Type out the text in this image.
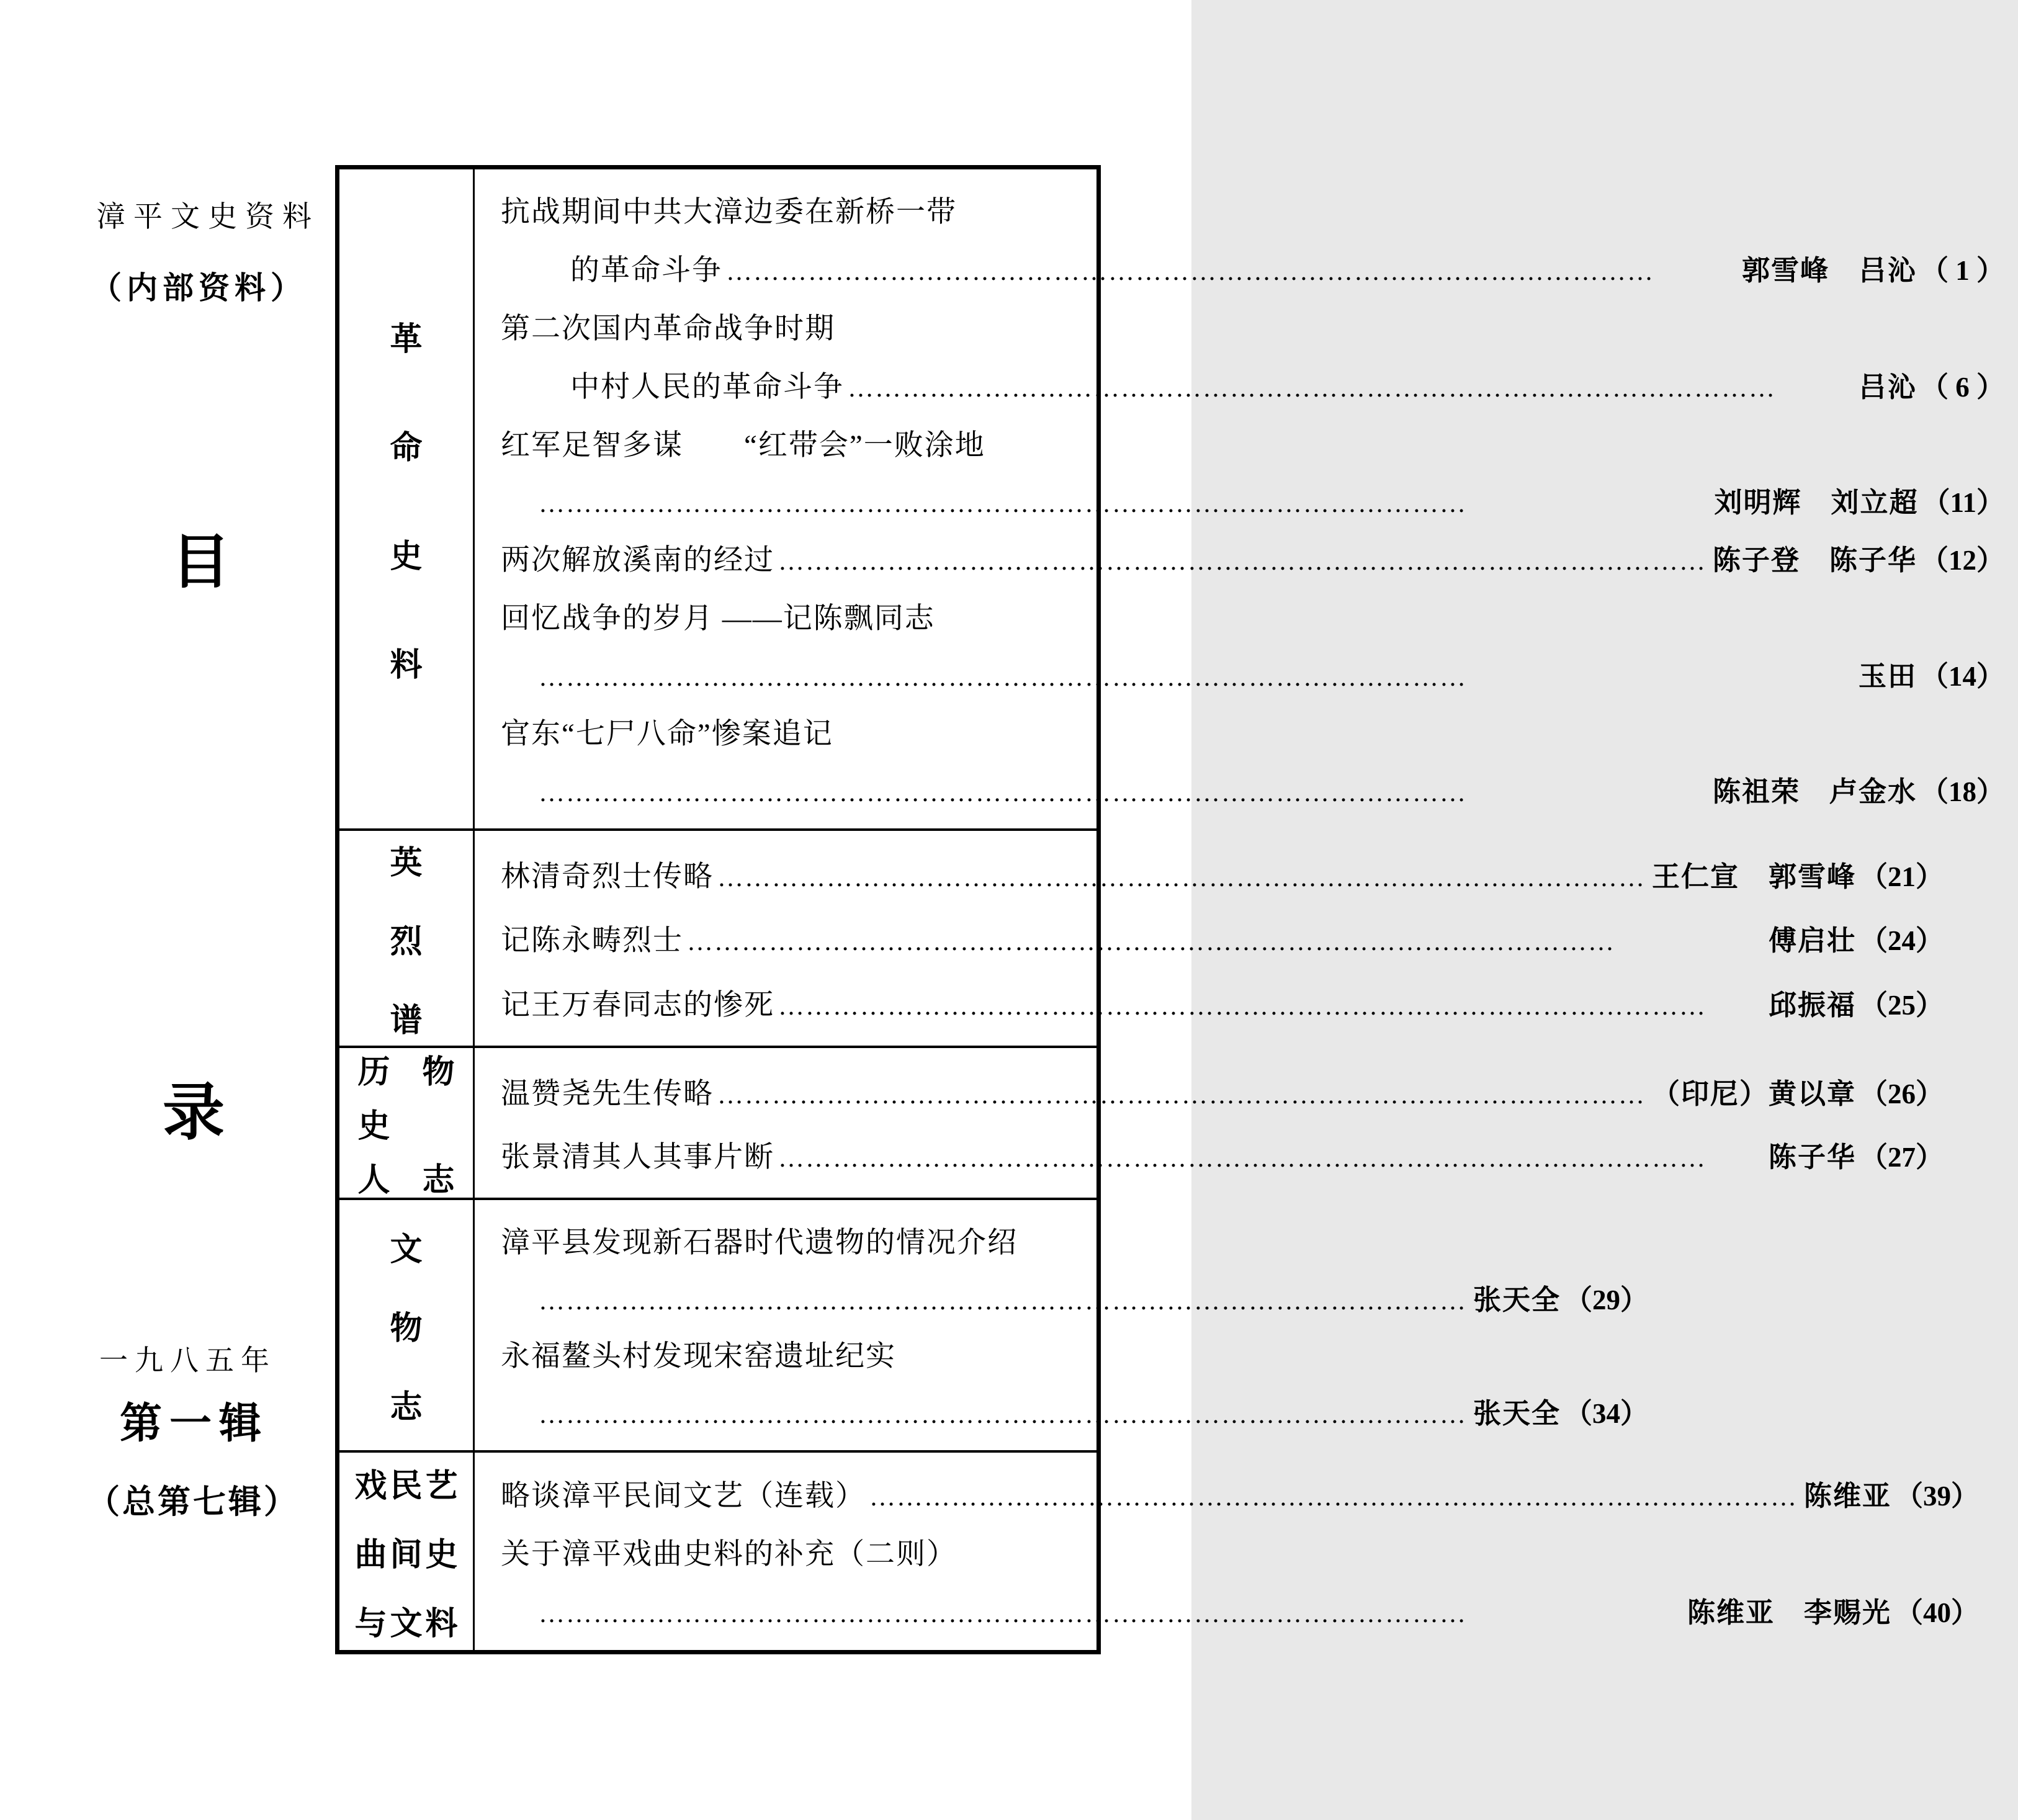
漳平文史资料
（内部资料）
目
录
一九八五年
第一辑
（总第七辑）
革
命
史
料
抗战期间中共大漳边委在新桥一带
的革命斗争 …………………………………………………………………………………………	郭雪峰　吕沁 （ 1 ）
第二次国内革命战争时期
中村人民的革命斗争 …………………………………………………………………………………………	吕沁 （ 6 ）
红军足智多谋　　“红带会”一败涂地
…………………………………………………………………………………………
刘明辉　刘立超 （11）
两次解放溪南的经过 …………………………………………………………………………………………	陈子登　陈子华 （12）
回忆战争的岁月 ——记陈飘同志
…………………………………………………………………………………………
玉田 （14）
官东“七尸八命”惨案追记
…………………………………………………………………………………………
陈祖荣　卢金水 （18）
英
烈
谱
林清奇烈士传略 …………………………………………………………………………………………	王仁宣　郭雪峰 （21）
记陈永畴烈士 …………………………………………………………………………………………	傅启壮 （24）
记王万春同志的惨死 …………………………………………………………………………………………	邱振福 （25）
历 物
史
人 志
温赞尧先生传略 …………………………………………………………………………………………	（印尼）黄以章 （26）
张景清其人其事片断 …………………………………………………………………………………………	陈子华 （27）
文
物
志
漳平县发现新石器时代遗物的情况介绍
…………………………………………………………………………………………
张天全 （29）
永福鳌头村发现宋窑遗址纪实
…………………………………………………………………………………………
张天全 （34）
戏 民 艺
曲 间 史
与 文 料
略谈漳平民间文艺（连载） …………………………………………………………………………………………	陈维亚 （39）
关于漳平戏曲史料的补充（二则）
…………………………………………………………………………………………
陈维亚　李赐光 （40）
